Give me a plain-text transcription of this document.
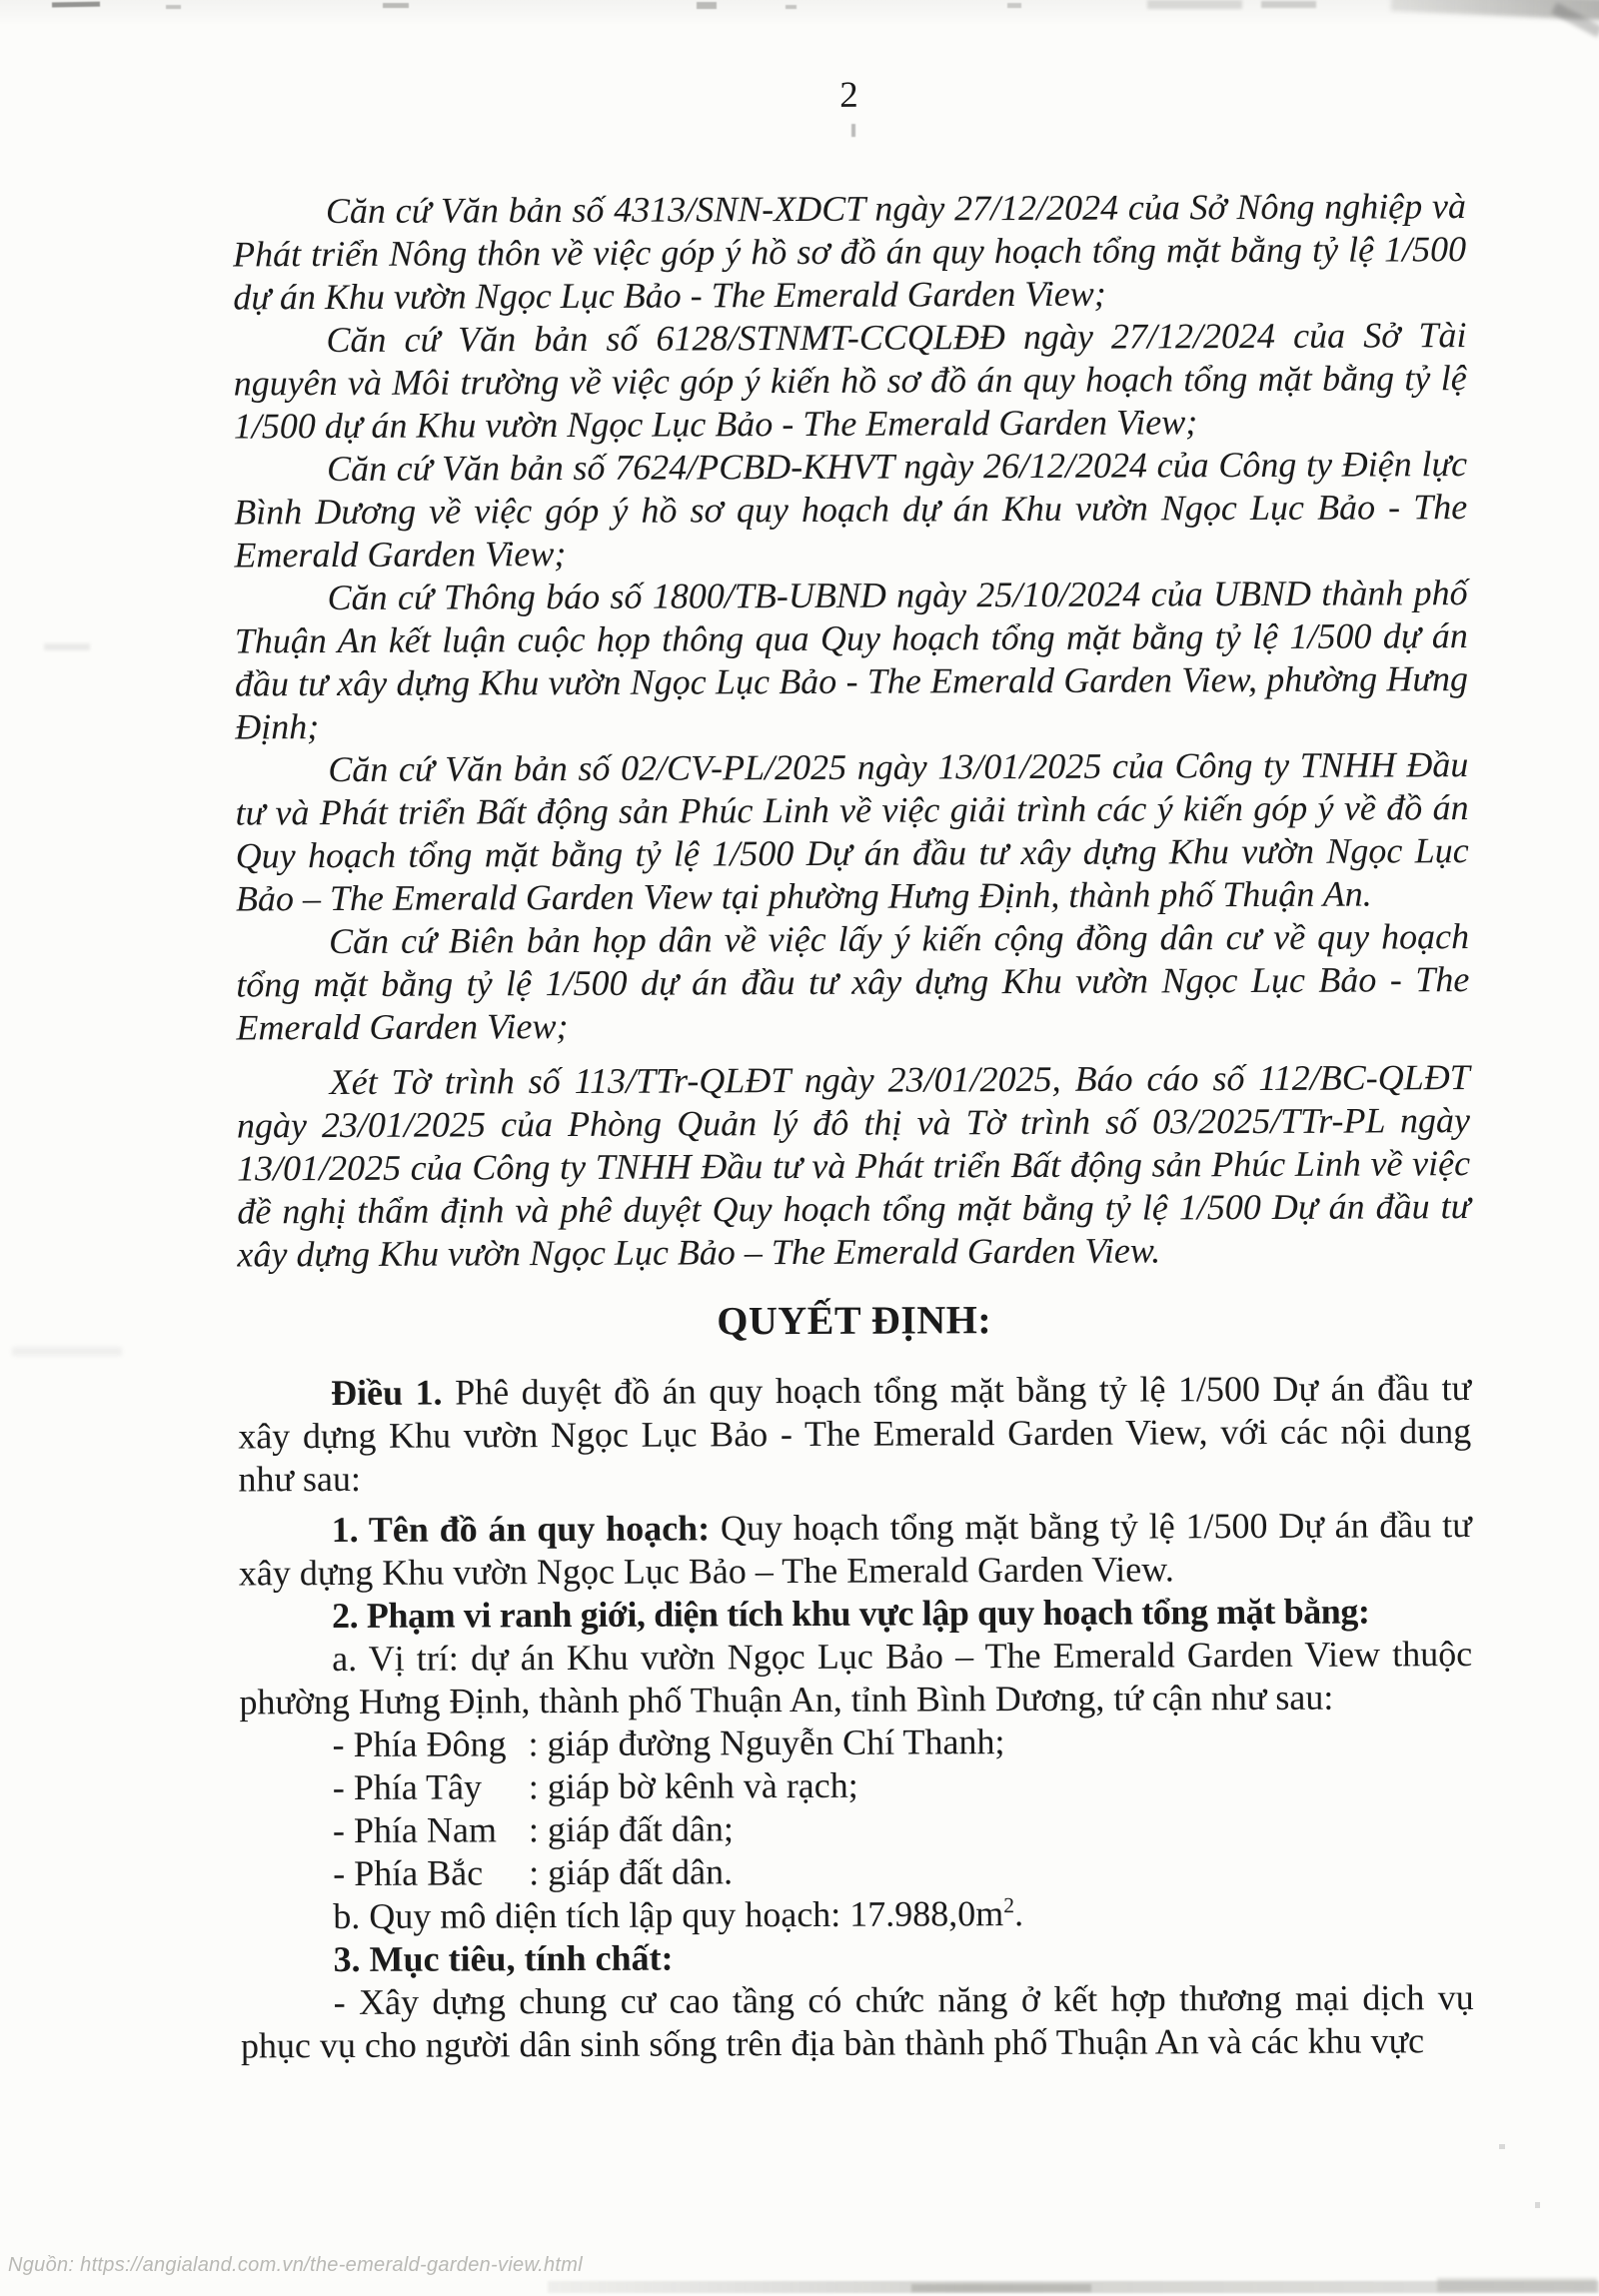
2

Căn cứ Văn bản số 4313/SNN-XDCT ngày 27/12/2024 của Sở Nông nghiệp và Phát triển Nông thôn về việc góp ý hồ sơ đồ án quy hoạch tổng mặt bằng tỷ lệ 1/500 dự án Khu vườn Ngọc Lục Bảo - The Emerald Garden View;

Căn cứ Văn bản số 6128/STNMT-CCQLĐĐ ngày 27/12/2024 của Sở Tài nguyên và Môi trường về việc góp ý kiến hồ sơ đồ án quy hoạch tổng mặt bằng tỷ lệ 1/500 dự án Khu vườn Ngọc Lục Bảo - The Emerald Garden View;

Căn cứ Văn bản số 7624/PCBD-KHVT ngày 26/12/2024 của Công ty Điện lực Bình Dương về việc góp ý hồ sơ quy hoạch dự án Khu vườn Ngọc Lục Bảo - The Emerald Garden View;

Căn cứ Thông báo số 1800/TB-UBND ngày 25/10/2024 của UBND thành phố Thuận An kết luận cuộc họp thông qua Quy hoạch tổng mặt bằng tỷ lệ 1/500 dự án đầu tư xây dựng Khu vườn Ngọc Lục Bảo - The Emerald Garden View, phường Hưng Định;

Căn cứ Văn bản số 02/CV-PL/2025 ngày 13/01/2025 của Công ty TNHH Đầu tư và Phát triển Bất động sản Phúc Linh về việc giải trình các ý kiến góp ý về đồ án Quy hoạch tổng mặt bằng tỷ lệ 1/500 Dự án đầu tư xây dựng Khu vườn Ngọc Lục Bảo – The Emerald Garden View tại phường Hưng Định, thành phố Thuận An.

Căn cứ Biên bản họp dân về việc lấy ý kiến cộng đồng dân cư về quy hoạch tổng mặt bằng tỷ lệ 1/500 dự án đầu tư xây dựng Khu vườn Ngọc Lục Bảo - The Emerald Garden View;

Xét Tờ trình số 113/TTr-QLĐT ngày 23/01/2025, Báo cáo số 112/BC-QLĐT ngày 23/01/2025 của Phòng Quản lý đô thị và Tờ trình số 03/2025/TTr-PL ngày 13/01/2025 của Công ty TNHH Đầu tư và Phát triển Bất động sản Phúc Linh về việc đề nghị thẩm định và phê duyệt Quy hoạch tổng mặt bằng tỷ lệ 1/500 Dự án đầu tư xây dựng Khu vườn Ngọc Lục Bảo – The Emerald Garden View.

QUYẾT ĐỊNH:

Điều 1. Phê duyệt đồ án quy hoạch tổng mặt bằng tỷ lệ 1/500 Dự án đầu tư xây dựng Khu vườn Ngọc Lục Bảo - The Emerald Garden View, với các nội dung như sau:

1. Tên đồ án quy hoạch: Quy hoạch tổng mặt bằng tỷ lệ 1/500 Dự án đầu tư xây dựng Khu vườn Ngọc Lục Bảo – The Emerald Garden View.

2. Phạm vi ranh giới, diện tích khu vực lập quy hoạch tổng mặt bằng:

a. Vị trí: dự án Khu vườn Ngọc Lục Bảo – The Emerald Garden View thuộc phường Hưng Định, thành phố Thuận An, tỉnh Bình Dương, tứ cận như sau:

- Phía Đông : giáp đường Nguyễn Chí Thanh;

- Phía Tây : giáp bờ kênh và rạch;

- Phía Nam : giáp đất dân;

- Phía Bắc : giáp đất dân.

b. Quy mô diện tích lập quy hoạch: $17.988,0m^2$.

3. Mục tiêu, tính chất:

- Xây dựng chung cư cao tầng có chức năng ở kết hợp thương mại dịch vụ phục vụ cho người dân sinh sống trên địa bàn thành phố Thuận An và các khu vực

Nguồn: https://angialand.com.vn/the-emerald-garden-view.html
